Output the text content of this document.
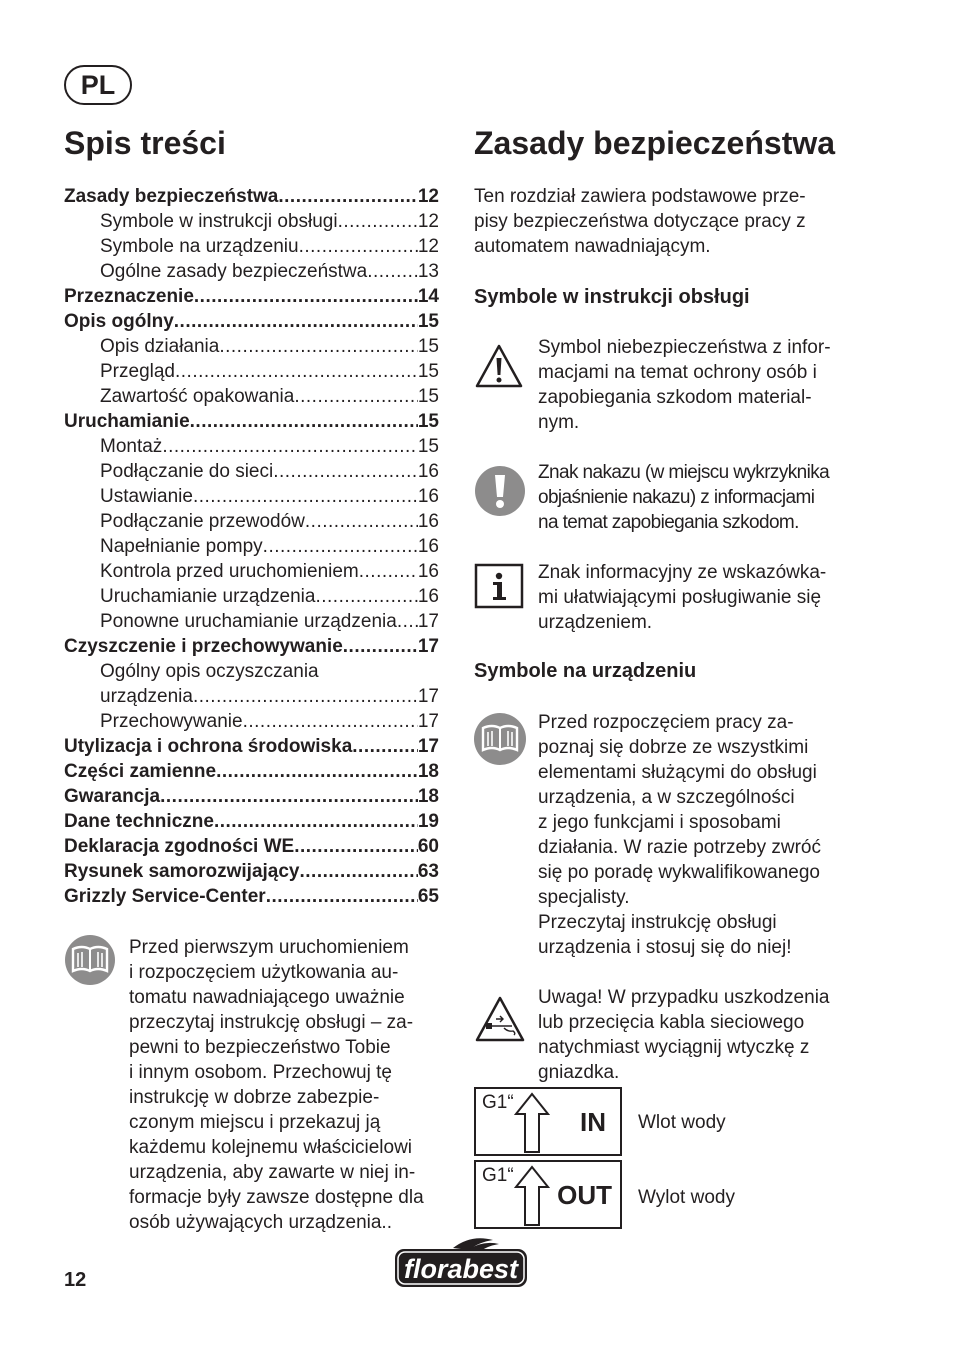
PL
Spis treści	Zasady bezpieczeństwa
Zasady bezpieczeństwa .....	12
Symbole w instrukcji obsługi .....	12
Symbole na urządzeniu .....	12
Ogólne zasady bezpieczeństwa .....	13
Przeznaczenie .....	14
Opis ogólny .....	15
Opis działania .....	15
Przegląd .....	15
Zawartość opakowania .....	15
Uruchamianie .....	15
Montaż .....	15
Podłączanie do sieci .....	16
Ustawianie .....	16
Podłączanie przewodów .....	16
Napełnianie pompy .....	16
Kontrola przed uruchomieniem .....	16
Uruchamianie urządzenia .....	16
Ponowne uruchamianie urządzenia ..... 17
Czyszczenie i przechowywanie .....	17
Ogólny opis oczyszczania
urządzenia .....	17
Przechowywanie .....	17
Utylizacja i ochrona środowiska .....	17
Części zamienne .....	18
Gwarancja .....	18
Dane techniczne .....	19
Deklaracja zgodności WE .....	60
Rysunek samorozwijający .....	63
Grizzly Service-Center .....	65
Przed pierwszym uruchomieniem
i rozpoczęciem użytkowania au-
tomatu nawadniającego uważnie
przeczytaj instrukcję obsługi – za-
pewni to bezpieczeństwo Tobie
i innym osobom. Przechowuj tę
instrukcję w dobrze zabezpie-
czonym miejscu i przekazuj ją
każdemu kolejnemu właścicielowi
urządzenia, aby zawarte w niej in-
formacje były zawsze dostępne dla
osób używających urządzenia..
Ten rozdział zawiera podstawowe prze-
pisy bezpieczeństwa dotyczące pracy z
automatem nawadniającym.
Symbole w instrukcji obsługi
Symbol niebezpieczeństwa z infor-
macjami na temat ochrony osób i
zapobiegania szkodom material-
nym.
Znak nakazu (w miejscu wykrzyknika
objaśnienie nakazu) z informacjami
na temat zapobiegania szkodom.
Znak informacyjny ze wskazówka-
mi ułatwiającymi posługiwanie się
urządzeniem.
Symbole na urządzeniu
Przed rozpoczęciem pracy za-
poznaj się dobrze ze wszystkimi
elementami służącymi do obsługi
urządzenia, a w szczególności
z jego funkcjami i sposobami
działania. W razie potrzeby zwróć
się po poradę wykwalifikowanego
specjalisty.
Przeczytaj instrukcję obsługi
urządzenia i stosuj się do niej!
Uwaga! W przypadku uszkodzenia
lub przecięcia kabla sieciowego
natychmiast wyciągnij wtyczkę z
gniazdka.
G1“
IN Wlot wody
G1“
OUT Wylot wody
12	florabest
